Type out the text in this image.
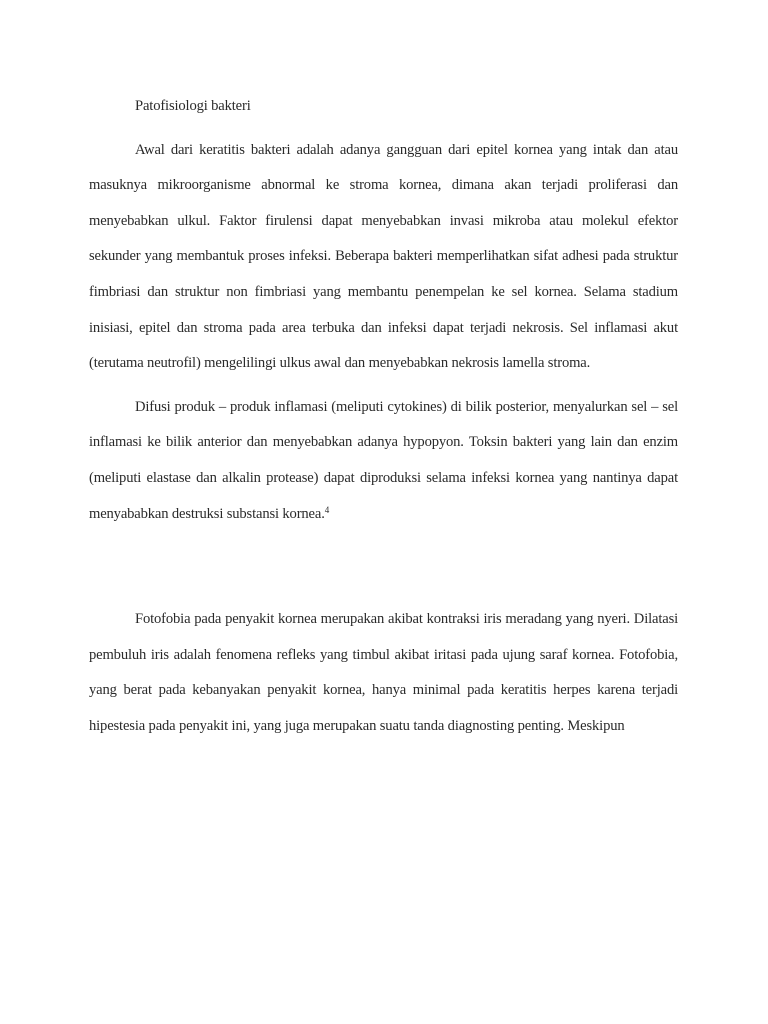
Patofisiologi bakteri

Awal dari keratitis bakteri adalah adanya gangguan dari epitel kornea yang intak dan atau masuknya mikroorganisme abnormal ke stroma kornea, dimana akan terjadi proliferasi dan menyebabkan ulkul. Faktor firulensi dapat menyebabkan invasi mikroba atau molekul efektor sekunder yang membantuk proses infeksi. Beberapa bakteri memperlihatkan sifat adhesi pada struktur fimbriasi dan struktur non fimbriasi yang membantu penempelan ke sel kornea. Selama stadium inisiasi, epitel dan stroma pada area terbuka dan infeksi dapat terjadi nekrosis. Sel inflamasi akut (terutama neutrofil) mengelilingi ulkus awal dan menyebabkan nekrosis lamella stroma.

Difusi produk – produk inflamasi (meliputi cytokines) di bilik posterior, menyalurkan sel – sel inflamasi ke bilik anterior dan menyebabkan adanya hypopyon. Toksin bakteri yang lain dan enzim (meliputi elastase dan alkalin protease) dapat diproduksi selama infeksi kornea yang nantinya dapat menyababkan destruksi substansi kornea.$^4$

Fotofobia pada penyakit kornea merupakan akibat kontraksi iris meradang yang nyeri. Dilatasi pembuluh iris adalah fenomena refleks yang timbul akibat iritasi pada ujung saraf kornea. Fotofobia, yang berat pada kebanyakan penyakit kornea, hanya minimal pada keratitis herpes karena terjadi hipestesia pada penyakit ini, yang juga merupakan suatu tanda diagnosting penting. Meskipun
